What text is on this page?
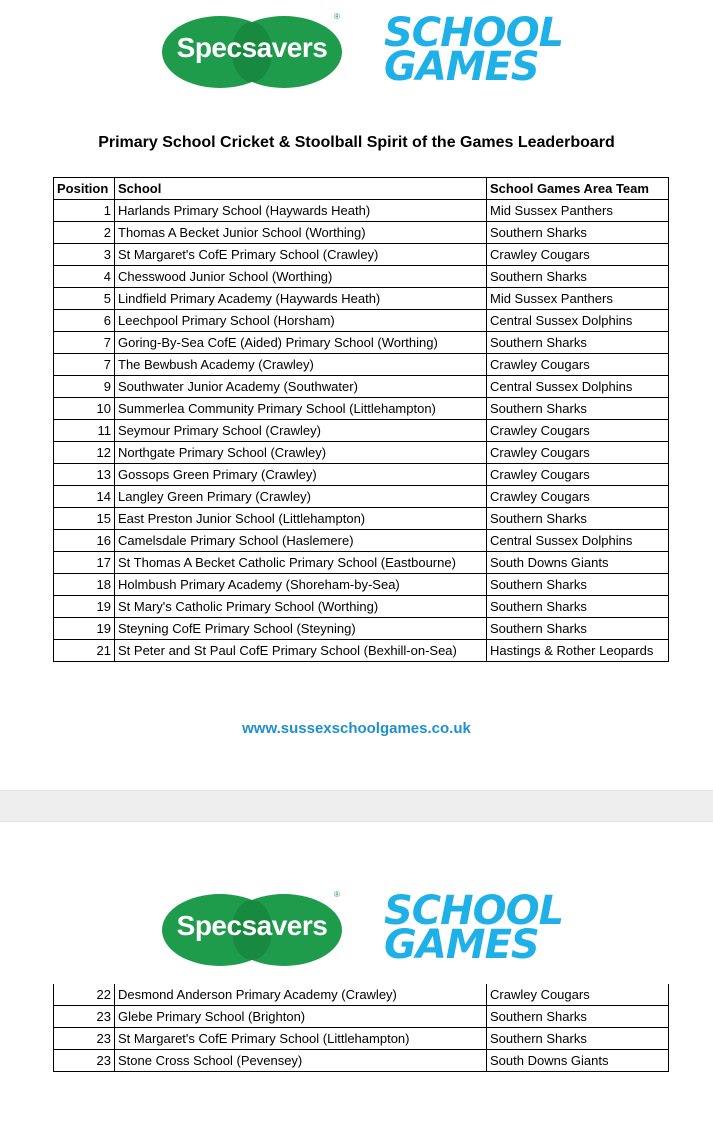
Specsavers
® SCHOOL
GAMES
Primary School Cricket & Stoolball Spirit of the Games Leaderboard
Position	School	School Games Area Team
1	Harlands Primary School (Haywards Heath)	Mid Sussex Panthers
2	Thomas A Becket Junior School (Worthing)	Southern Sharks
3	St Margaret's CofE Primary School (Crawley)	Crawley Cougars
4	Chesswood Junior School (Worthing)	Southern Sharks
5	Lindfield Primary Academy (Haywards Heath)	Mid Sussex Panthers
6	Leechpool Primary School (Horsham)	Central Sussex Dolphins
7	Goring-By-Sea CofE (Aided) Primary School (Worthing)	Southern Sharks
7	The Bewbush Academy (Crawley)	Crawley Cougars
9	Southwater Junior Academy (Southwater)	Central Sussex Dolphins
10	Summerlea Community Primary School (Littlehampton)	Southern Sharks
11	Seymour Primary School (Crawley)	Crawley Cougars
12	Northgate Primary School (Crawley)	Crawley Cougars
13	Gossops Green Primary (Crawley)	Crawley Cougars
14	Langley Green Primary (Crawley)	Crawley Cougars
15	East Preston Junior School (Littlehampton)	Southern Sharks
16	Camelsdale Primary School (Haslemere)	Central Sussex Dolphins
17	St Thomas A Becket Catholic Primary School (Eastbourne)	South Downs Giants
18	Holmbush Primary Academy (Shoreham-by-Sea)	Southern Sharks
19	St Mary's Catholic Primary School (Worthing)	Southern Sharks
19	Steyning CofE Primary School (Steyning)	Southern Sharks
21	St Peter and St Paul CofE Primary School (Bexhill-on-Sea)	Hastings & Rother Leopards
www.sussexschoolgames.co.uk
Specsavers
® SCHOOL
GAMES
22	Desmond Anderson Primary Academy (Crawley)	Crawley Cougars
23	Glebe Primary School (Brighton)	Southern Sharks
23	St Margaret's CofE Primary School (Littlehampton)	Southern Sharks
23	Stone Cross School (Pevensey)	South Downs Giants
